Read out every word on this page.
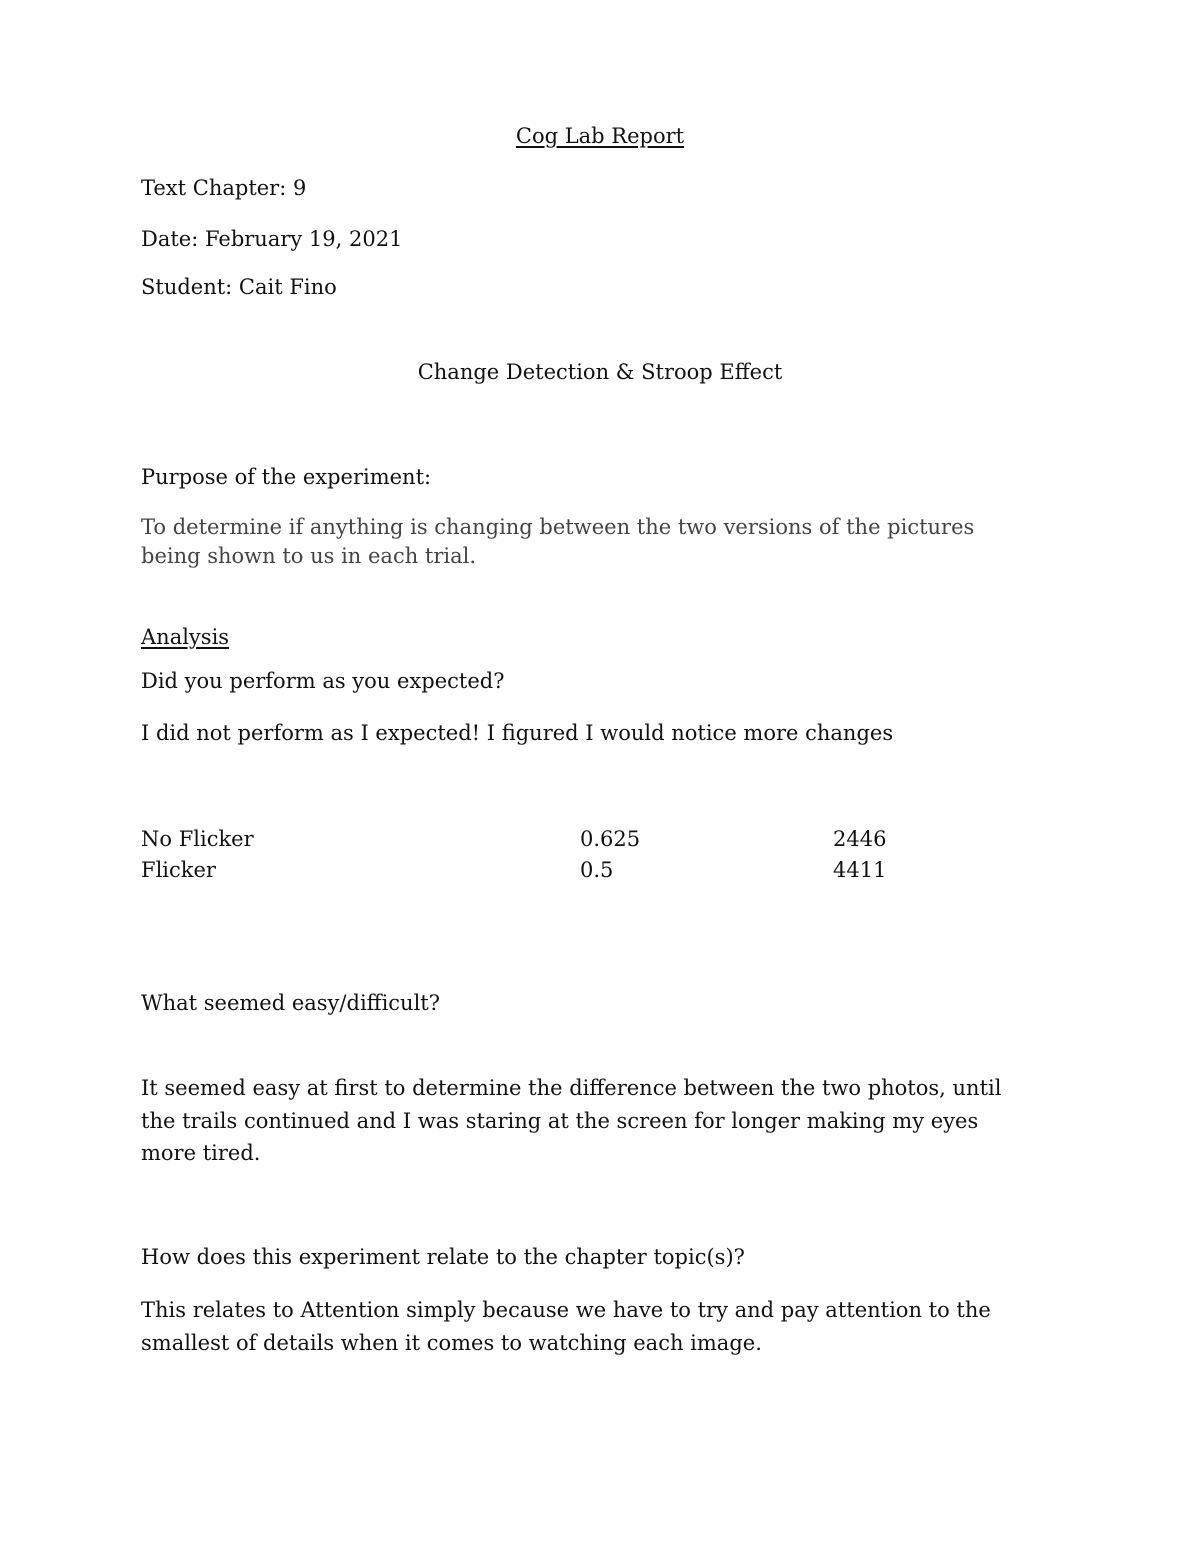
Cog Lab Report
Text Chapter: 9
Date: February 19, 2021
Student: Cait Fino
Change Detection & Stroop Effect
Purpose of the experiment:
To determine if anything is changing between the two versions of the pictures
being shown to us in each trial.
Analysis
Did you perform as you expected?
I did not perform as I expected! I figured I would notice more changes
No Flicker	0.625	2446
Flicker	0.5	4411
What seemed easy/difficult?
It seemed easy at first to determine the difference between the two photos, until
the trails continued and I was staring at the screen for longer making my eyes
more tired.
How does this experiment relate to the chapter topic(s)?
This relates to Attention simply because we have to try and pay attention to the
smallest of details when it comes to watching each image.
